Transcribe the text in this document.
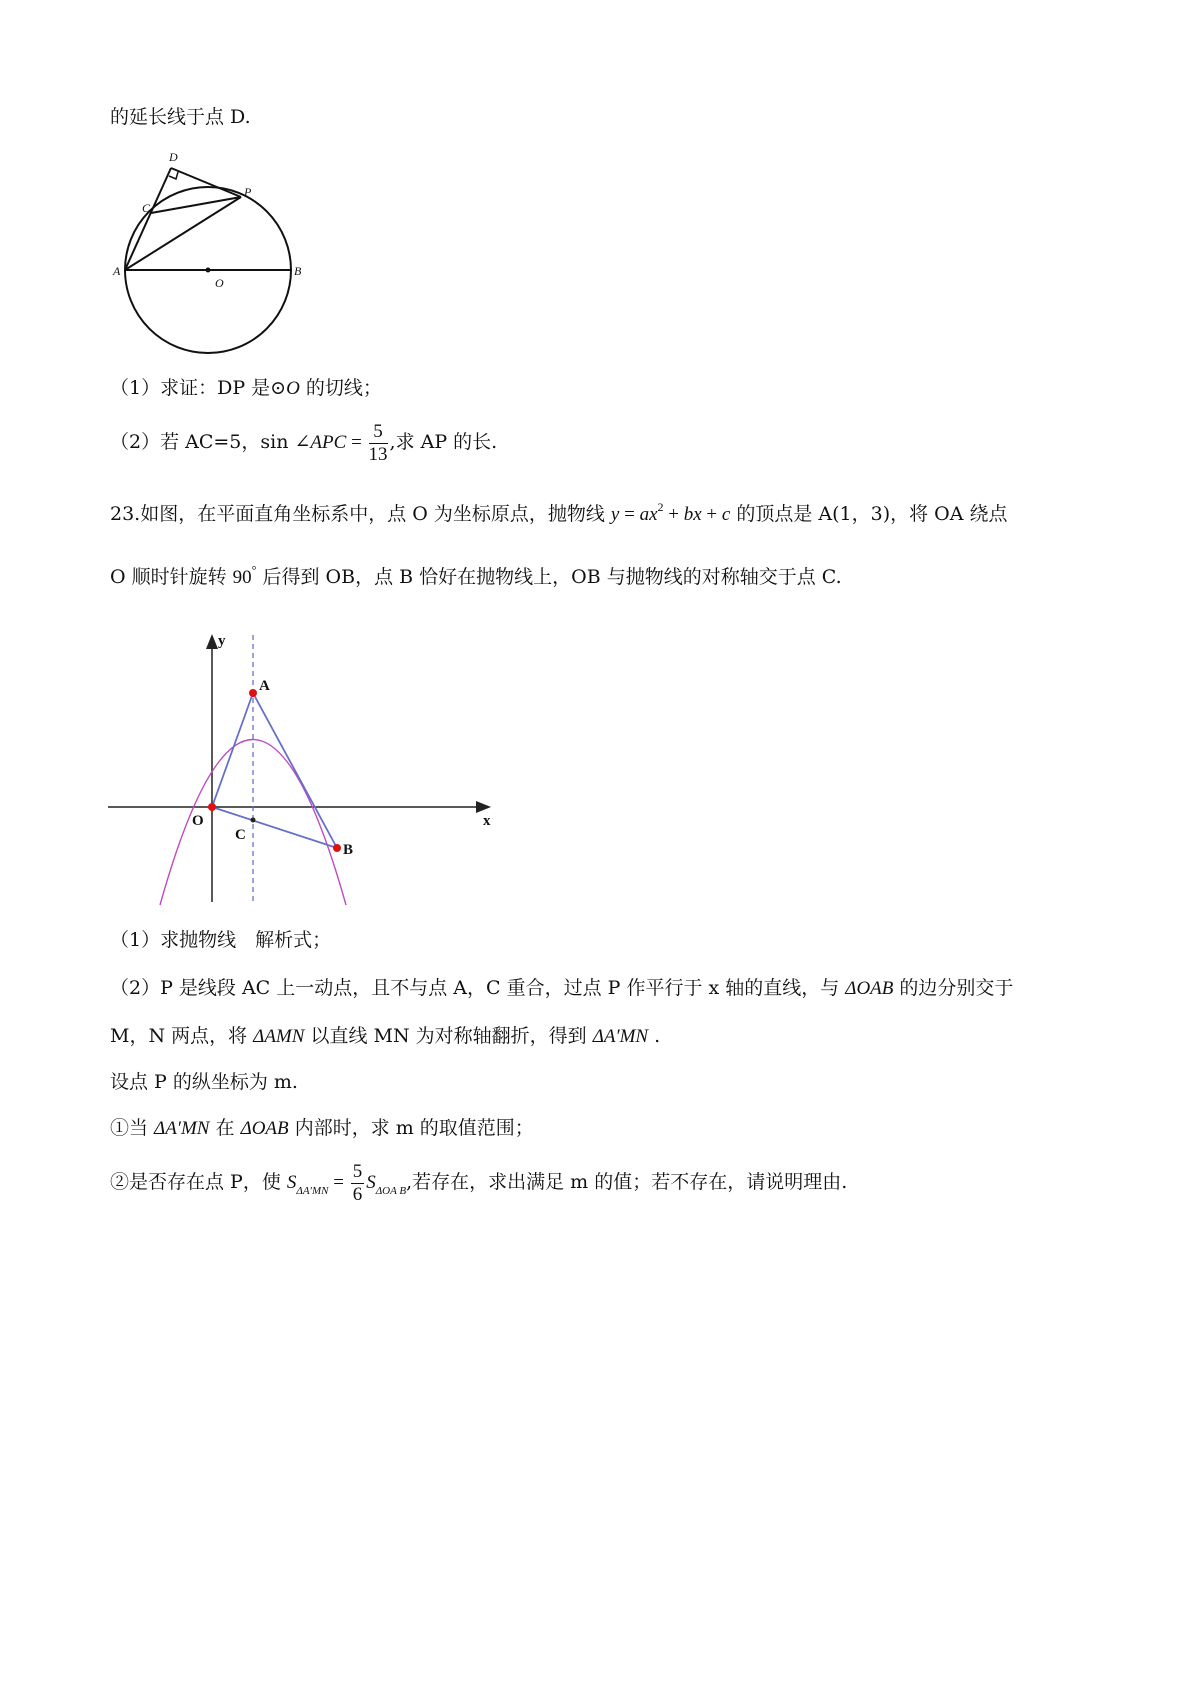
的延长线于点 D.
D
C
P
A
O
B
（1）求证：DP 是⊙O 的切线；
（2）若 AC=5，sin ∠APC = $\frac{5}{13}$ ,求 AP 的长.
23.如图，在平面直角坐标系中，点 O 为坐标原点，抛物线 $y = ax^2$ + bx + c 的顶点是 A(1，3)，将 OA 绕点
O 顺时针旋转 90° 后得到 OB，点 B 恰好在抛物线上，OB 与抛物线的对称轴交于点 C.
y
x
A
O
C
B
（1）求抛物线　解析式；
（2）P 是线段 AC 上一动点，且不与点 A，C 重合，过点 P 作平行于 x 轴的直线，与 ΔOAB 的边分别交于
M，N 两点，将 ΔAMN 以直线 MN 为对称轴翻折，得到 ΔA′MN .
设点 P 的纵坐标为 m.
①当 ΔA′MN 在 ΔOAB 内部时，求 m 的取值范围；
②是否存在点 P，使 $S_{\Delta A'MN} = \frac{5}{6} S_{\Delta OA B}$,若存在，求出满足 m 的值；若不存在，请说明理由.
